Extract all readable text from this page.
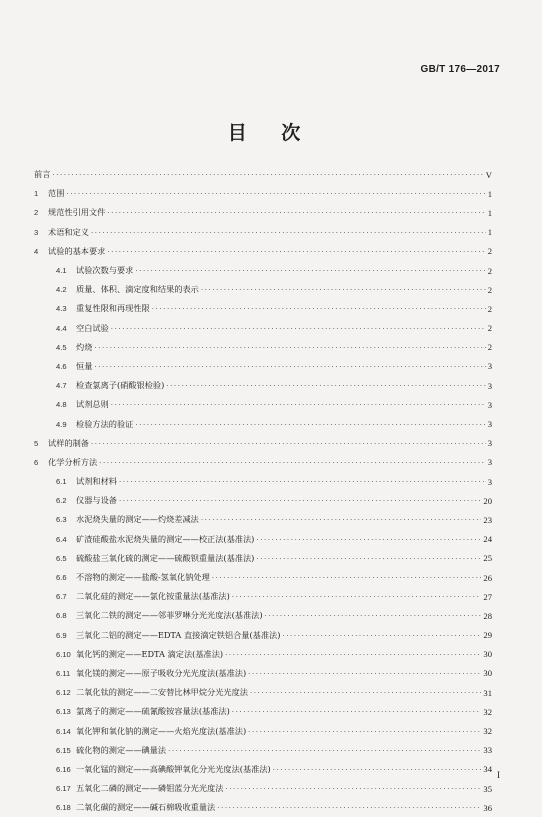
GB/T 176—2017
目 次
前言 ·····	V
1	范围 ·····	1
2	规范性引用文件 ·····	1
3	术语和定义 ·····	1
4	试验的基本要求 ·····	2
4.1	试验次数与要求 ·····	2
4.2	质量、体积、滴定度和结果的表示 ·····	2
4.3	重复性限和再现性限 ·····	2
4.4	空白试验 ·····	2
4.5	灼烧 ·····	2
4.6	恒量 ·····	3
4.7	检查氯离子(硝酸银检验) ·····	3
4.8	试剂总则 ·····	3
4.9	检验方法的验证 ·····	3
5	试样的制备 ·····	3
6	化学分析方法 ·····	3
6.1	试剂和材料 ·····	3
6.2	仪器与设备 ·····	20
6.3	水泥烧失量的测定——灼烧差减法 ·····	23
6.4	矿渣硅酸盐水泥烧失量的测定——校正法(基准法) ·····	24
6.5	硫酸盐三氧化硫的测定——硫酸钡重量法(基准法) ·····	25
6.6	不溶物的测定——盐酸-氢氧化钠处理 ·····	26
6.7	二氧化硅的测定——氯化铵重量法(基准法) ·····	27
6.8	三氧化二铁的测定——邻菲罗啉分光光度法(基准法) ·····	28
6.9	三氧化二铝的测定——EDTA 直接滴定铁铝合量(基准法) ·····	29
6.10 氧化钙的测定——EDTA 滴定法(基准法) ·····	30
6.11 氧化镁的测定——原子吸收分光光度法(基准法) ·····	30
6.12 二氧化钛的测定——二安替比林甲烷分光光度法 ·····	31
6.13 氯离子的测定——硫氰酸铵容量法(基准法) ·····	32
6.14 氧化钾和氧化钠的测定——火焰光度法(基准法) ·····	32
6.15 硫化物的测定——碘量法 ·····	33
6.16 一氧化锰的测定——高碘酸钾氧化分光光度法(基准法) ·····	34
6.17 五氧化二磷的测定——磷钼蓝分光光度法 ·····	35
6.18 二氧化碳的测定——碱石棉吸收重量法 ·····	36
I
